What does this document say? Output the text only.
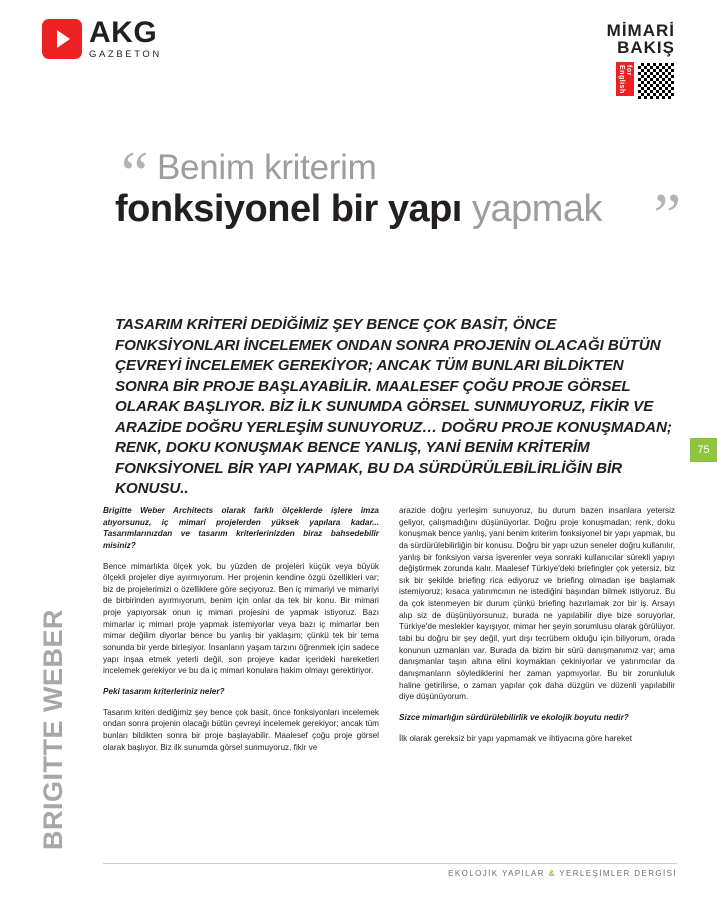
AKG
GAZBETON
MİMARİ
BAKIŞ
for English
“ Benim kriterim
fonksiyonel bir yapı yapmak ”
TASARIM KRİTERİ DEDİĞİMİZ ŞEY BENCE ÇOK BASİT, ÖNCE FONKSİYONLARI İNCELEMEK ONDAN SONRA PROJENİN OLACAĞI BÜTÜN ÇEVREYİ İNCELEMEK GEREKİYOR; ANCAK TÜM BUNLARI BİLDİKTEN SONRA BİR PROJE BAŞLAYABİLİR. MAALESEF ÇOĞU PROJE GÖRSEL OLARAK BAŞLIYOR. BİZ İLK SUNUMDA GÖRSEL SUNMUYORUZ, FİKİR VE ARAZİDE DOĞRU YERLEŞİM SUNUYORUZ… DOĞRU PROJE KONUŞMADAN; RENK, DOKU KONUŞMAK BENCE YANLIŞ, YANİ BENİM KRİTERİM FONKSİYONEL BİR YAPI YAPMAK, BU DA SÜRDÜRÜLEBİLİRLİĞİN BİR KONUSU..
75
BRIGITTE WEBER

Brigitte Weber Architects olarak farklı ölçeklerde işlere imza atıyorsunuz, iç mimari projelerden yüksek yapılara kadar... Tasarımlarınızdan ve tasarım kriterlerinizden biraz bahsedebilir misiniz?

Bence mimarlıkta ölçek yok, bu yüzden de projeleri küçük veya büyük ölçekli projeler diye ayırmıyorum. Her projenin kendine özgü özellikleri var; biz de projelerimizi o özelliklere göre seçiyoruz. Ben iç mimariyi ve mimariyi de birbirinden ayırmıyorum, benim için onlar da tek bir konu. Bir mimari proje yapıyorsak onun iç mimari projesini de yapmak istiyoruz. Bazı mimarlar iç mimari proje yapmak istemiyorlar veya bazı iç mimarlar ben mimar değilim diyorlar bence bu yanlış bir yaklaşım; çünkü tek bir tema sonunda bir yerde birleşiyor. İnsanların yaşam tarzını öğrenmek için sadece yapı inşaa etmek yeterli değil, son projeye kadar içerideki hareketleri incelemek gerekiyor ve bu da iç mimari konulara hakim olmayı gerektiriyor.

Peki tasarım kriterleriniz neler?

Tasarım kriteri dediğimiz şey bence çok basit, önce fonksiyonları incelemek ondan sonra projenin olacağı bütün çevreyi incelemek gerekiyor; ancak tüm bunları bildikten sonra bir proje başlayabilir. Maalesef çoğu proje görsel olarak başlıyor. Biz ilk sunumda görsel sunmuyoruz, fikir ve

arazide doğru yerleşim sunuyoruz, bu durum bazen insanlara yetersiz geliyor, çalışmadığını düşünüyorlar. Doğru proje konuşmadan; renk, doku konuşmak bence yanlış, yani benim kriterim fonksiyonel bir yapı yapmak, bu da sürdürülebilirliğin bir konusu. Doğru bir yapı uzun seneler doğru kullanılır, yanlış bir fonksiyon varsa işverenler veya sonraki kullanıcılar sürekli yapıyı değiştirmek zorunda kalır. Maalesef Türkiye'deki briefingler çok yetersiz, biz sık bir şekilde briefing rica ediyoruz ve briefing olmadan işe başlamak istemiyoruz; kısaca yatırımcının ne istediğini başından bilmek istiyoruz. Bu da çok istenmeyen bir durum çünkü briefing hazırlamak zor bir iş. Arsayı alıp siz de düşünüyorsunuz, burada ne yapılabilir diye bize soruyorlar, Türkiye'de meslekler kayışıyor, mimar her şeyin sorumlusu olarak görülüyor. tabi bu doğru bir şey değil, yurt dışı tecrübem olduğu için biliyorum, orada konunun uzmanları var. Burada da bizim bir sürü danışmanımız var; ama danışmanlar taşın altına elini koymaktan çekiniyorlar ve yatırımcılar da danışmanların söylediklerini her zaman yapmıyorlar. Bu bir zorunluluk haline getirilirse, o zaman yapılar çok daha düzgün ve düzenli yapılabilir diye düşünüyorum.

Sizce mimarlığın sürdürülebilirlik ve ekolojik boyutu nedir?

İlk olarak gereksiz bir yapı yapmamak ve ihtiyacına göre hareket

EKOLOJİK YAPILAR & YERLEŞİMLER DERGİSİ
